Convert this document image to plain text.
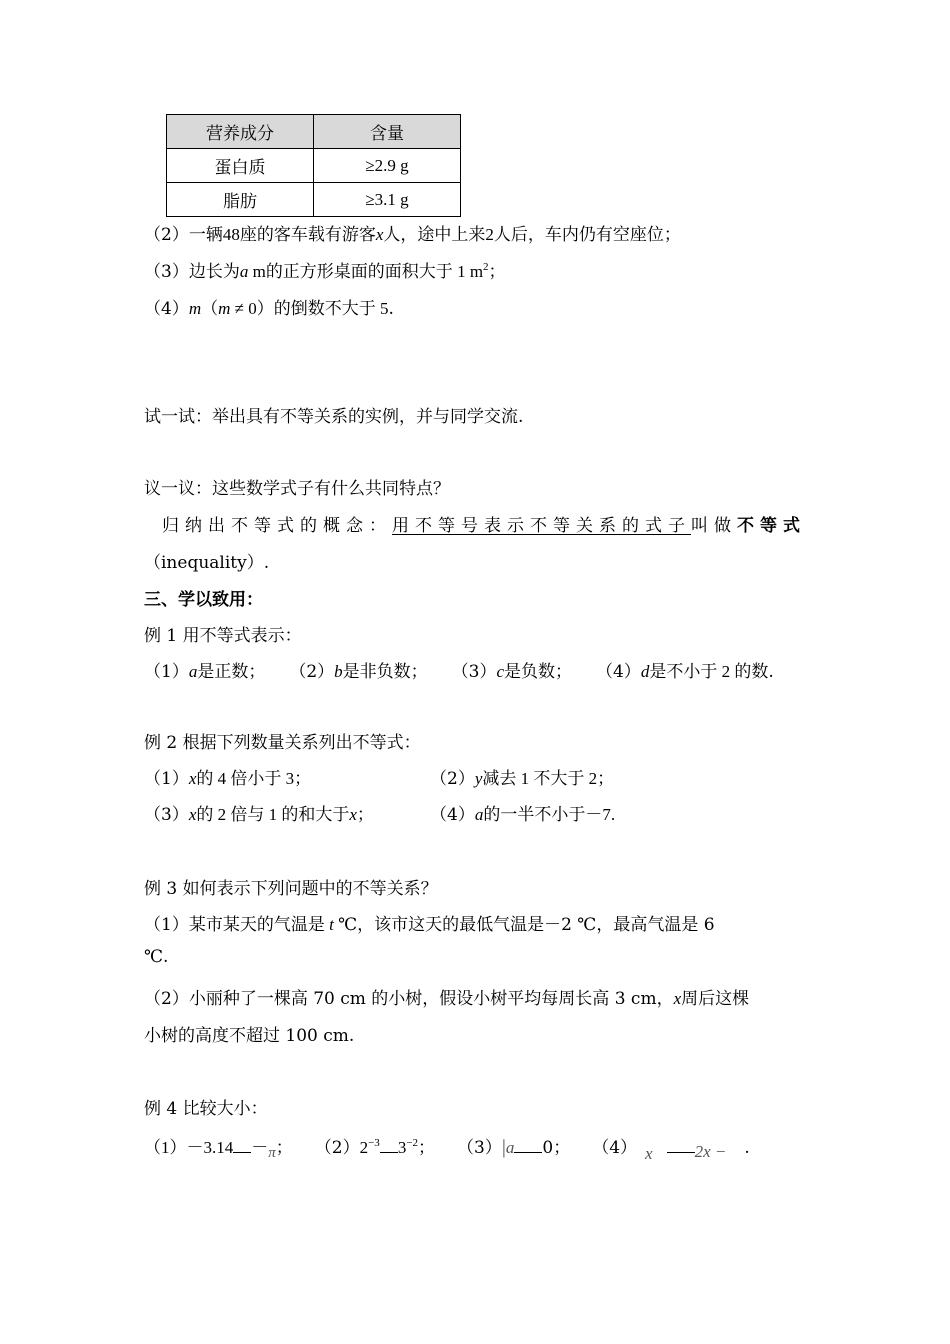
营养成分	含量
蛋白质	≥2.9 g
脂肪	≥3.1 g
（2）一辆48座的客车载有游客x人，途中上来2人后，车内仍有空座位；
（3）边长为a m的正方形桌面的面积大于 1 $m^2$；
（4）m（m ≠ 0）的倒数不大于 5.
试一试：举出具有不等关系的实例，并与同学交流.
议一议：这些数学式子有什么共同特点？
归纳出不等式的概念：用不等号表示不等关系的式子叫做不等式
（inequality）.
三、学以致用：
例 1 用不等式表示：
（1）a是正数； （2）b是非负数； （3）c是负数； （4）d是不小于 2 的数.
例 2 根据下列数量关系列出不等式：
（1）x的 4 倍小于 3；	（2）y减去 1 不大于 2；
（3）x的 2 倍与 1 的和大于x；	（4）a的一半不小于－7.
例 3 如何表示下列问题中的不等关系？
（1）某市某天的气温是 t ℃，该市这天的最低气温是－2 ℃，最高气温是 6
℃.
（2）小丽种了一棵高 70 cm 的小树，假设小树平均每周长高 3 cm，x周后这棵
小树的高度不超过 100 cm.
例 4 比较大小：
（1）－3.14 －π； $(2)2^{-3}$ $3^{-2}$； （3）|a 0； （4） x 2x − .
